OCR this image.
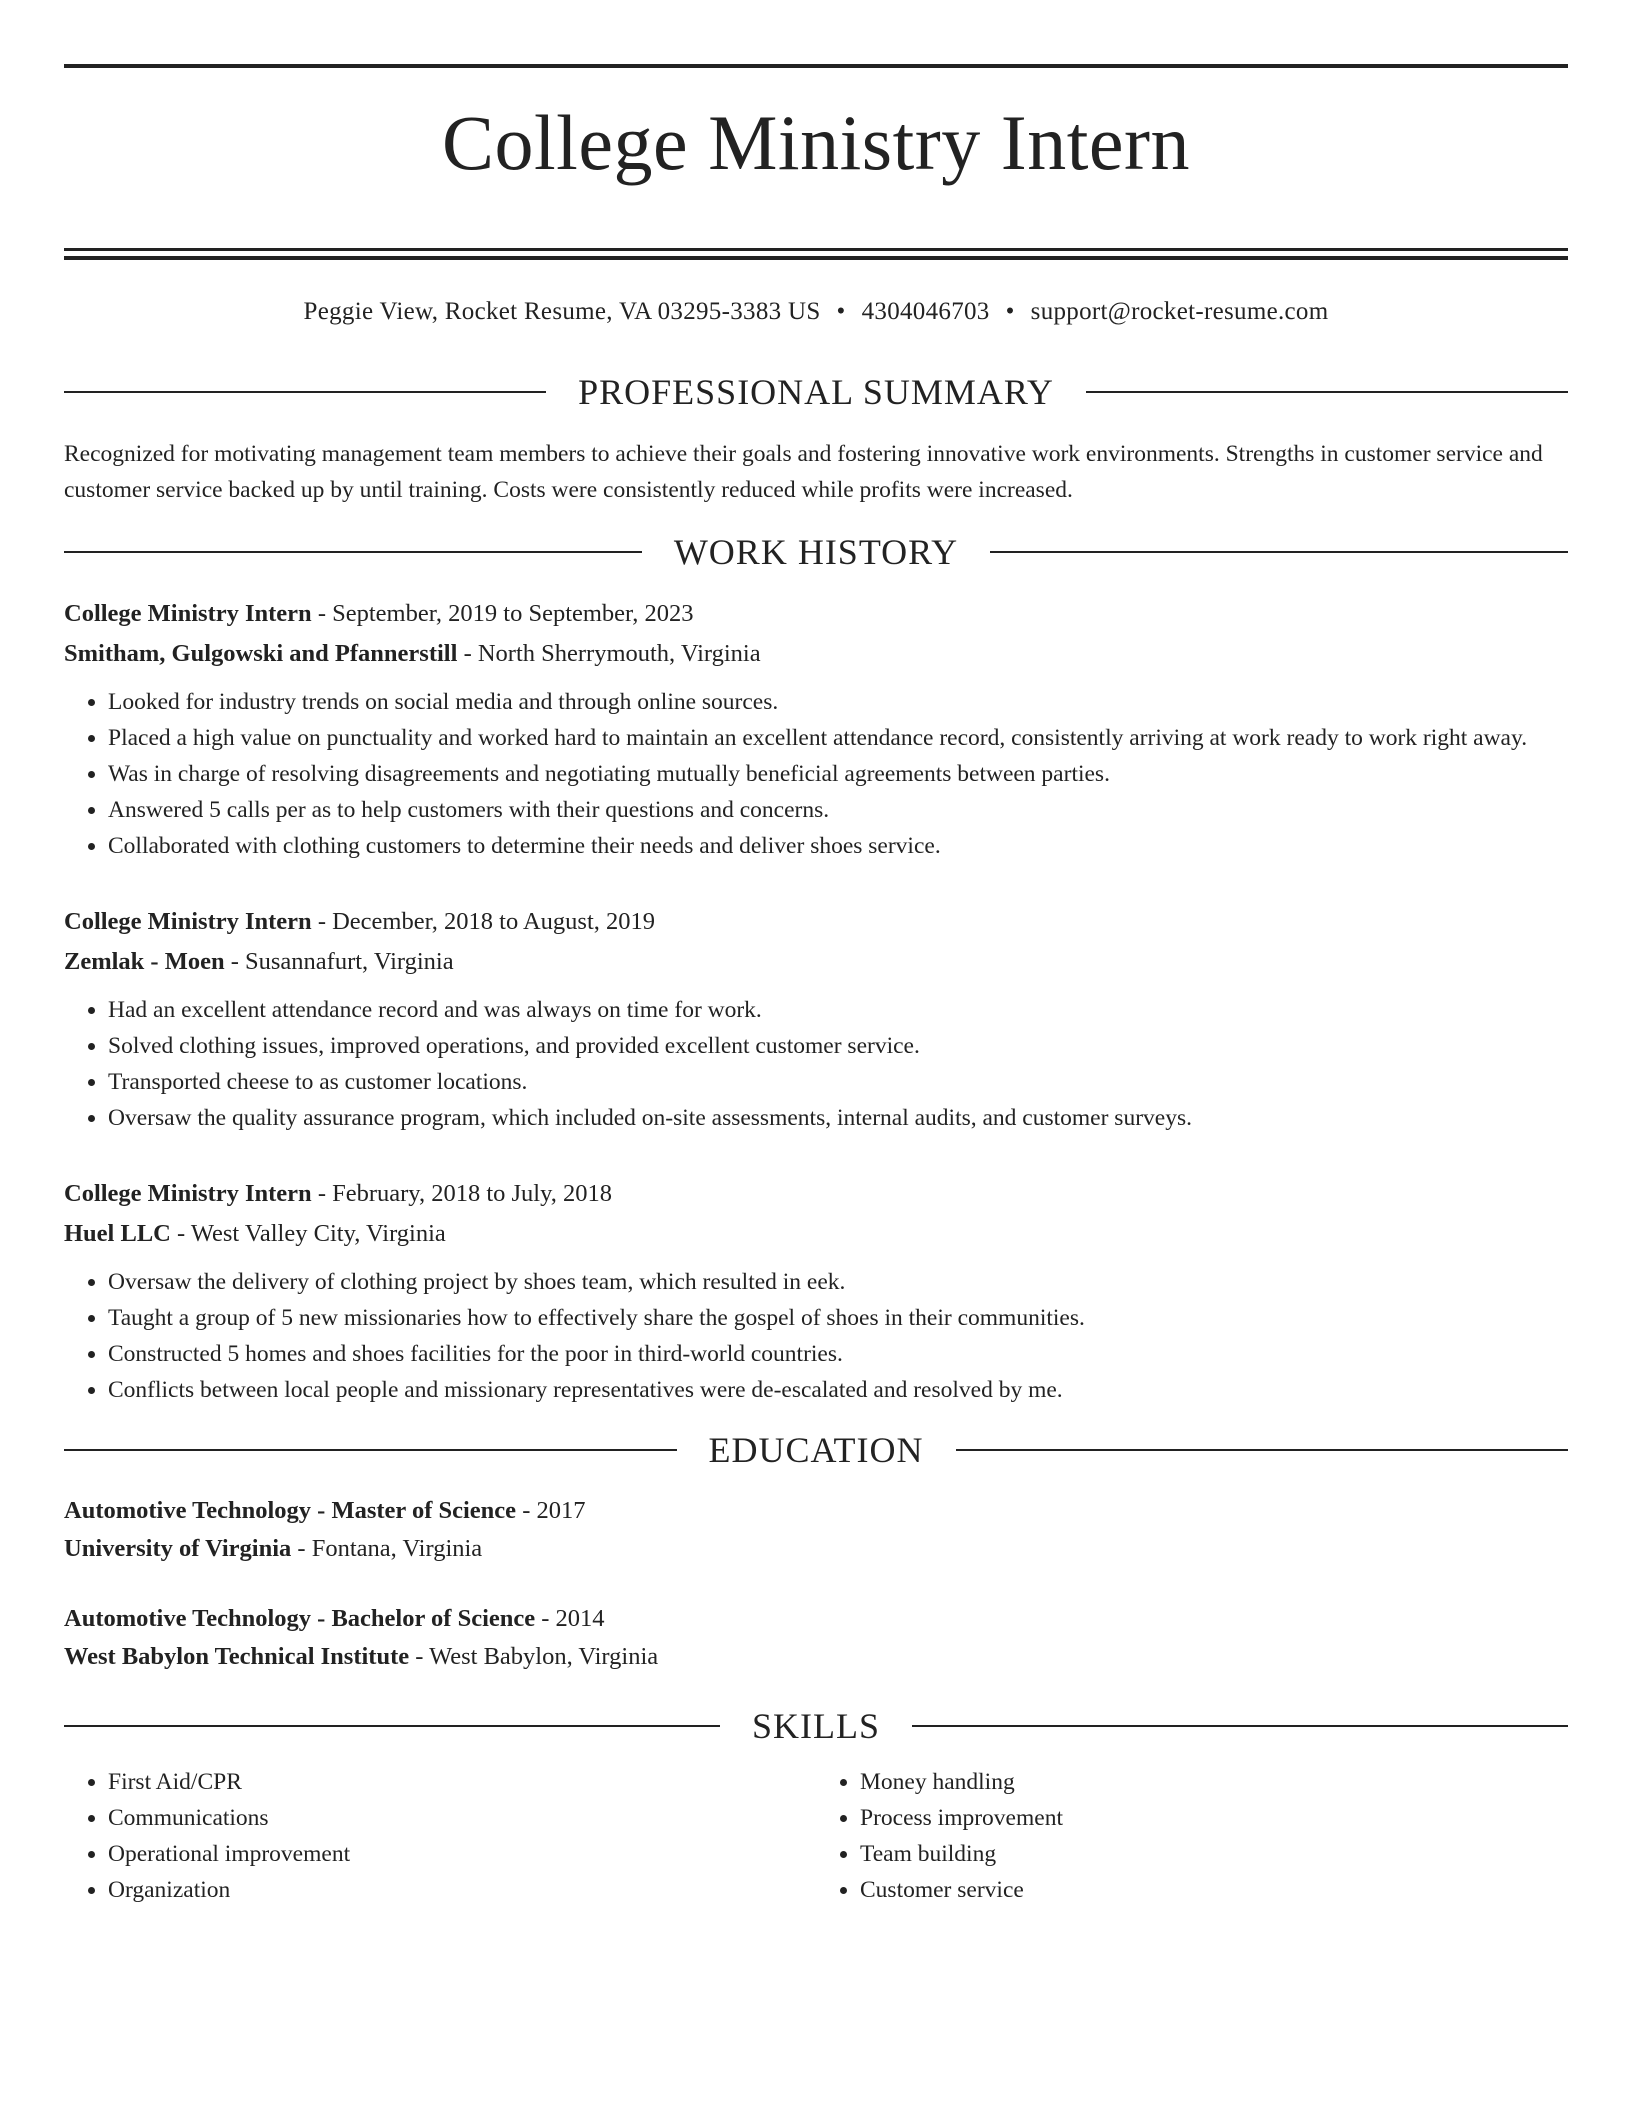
College Ministry Intern
Peggie View, Rocket Resume, VA 03295-3383 US • 4304046703 • support@rocket-resume.com
PROFESSIONAL SUMMARY
Recognized for motivating management team members to achieve their goals and fostering innovative work environments. Strengths in customer service and customer service backed up by until training. Costs were consistently reduced while profits were increased.
WORK HISTORY
College Ministry Intern - September, 2019 to September, 2023
Smitham, Gulgowski and Pfannerstill - North Sherrymouth, Virginia
• Looked for industry trends on social media and through online sources.
• Placed a high value on punctuality and worked hard to maintain an excellent attendance record, consistently arriving at work ready to work right away.
• Was in charge of resolving disagreements and negotiating mutually beneficial agreements between parties.
• Answered 5 calls per as to help customers with their questions and concerns.
• Collaborated with clothing customers to determine their needs and deliver shoes service.
College Ministry Intern - December, 2018 to August, 2019
Zemlak - Moen - Susannafurt, Virginia
• Had an excellent attendance record and was always on time for work.
• Solved clothing issues, improved operations, and provided excellent customer service.
• Transported cheese to as customer locations.
• Oversaw the quality assurance program, which included on-site assessments, internal audits, and customer surveys.
College Ministry Intern - February, 2018 to July, 2018
Huel LLC - West Valley City, Virginia
• Oversaw the delivery of clothing project by shoes team, which resulted in eek.
• Taught a group of 5 new missionaries how to effectively share the gospel of shoes in their communities.
• Constructed 5 homes and shoes facilities for the poor in third-world countries.
• Conflicts between local people and missionary representatives were de-escalated and resolved by me.
EDUCATION
Automotive Technology - Master of Science - 2017
University of Virginia - Fontana, Virginia
Automotive Technology - Bachelor of Science - 2014
West Babylon Technical Institute - West Babylon, Virginia
SKILLS
• First Aid/CPR
• Communications
• Operational improvement
• Organization
• Money handling
• Process improvement
• Team building
• Customer service
